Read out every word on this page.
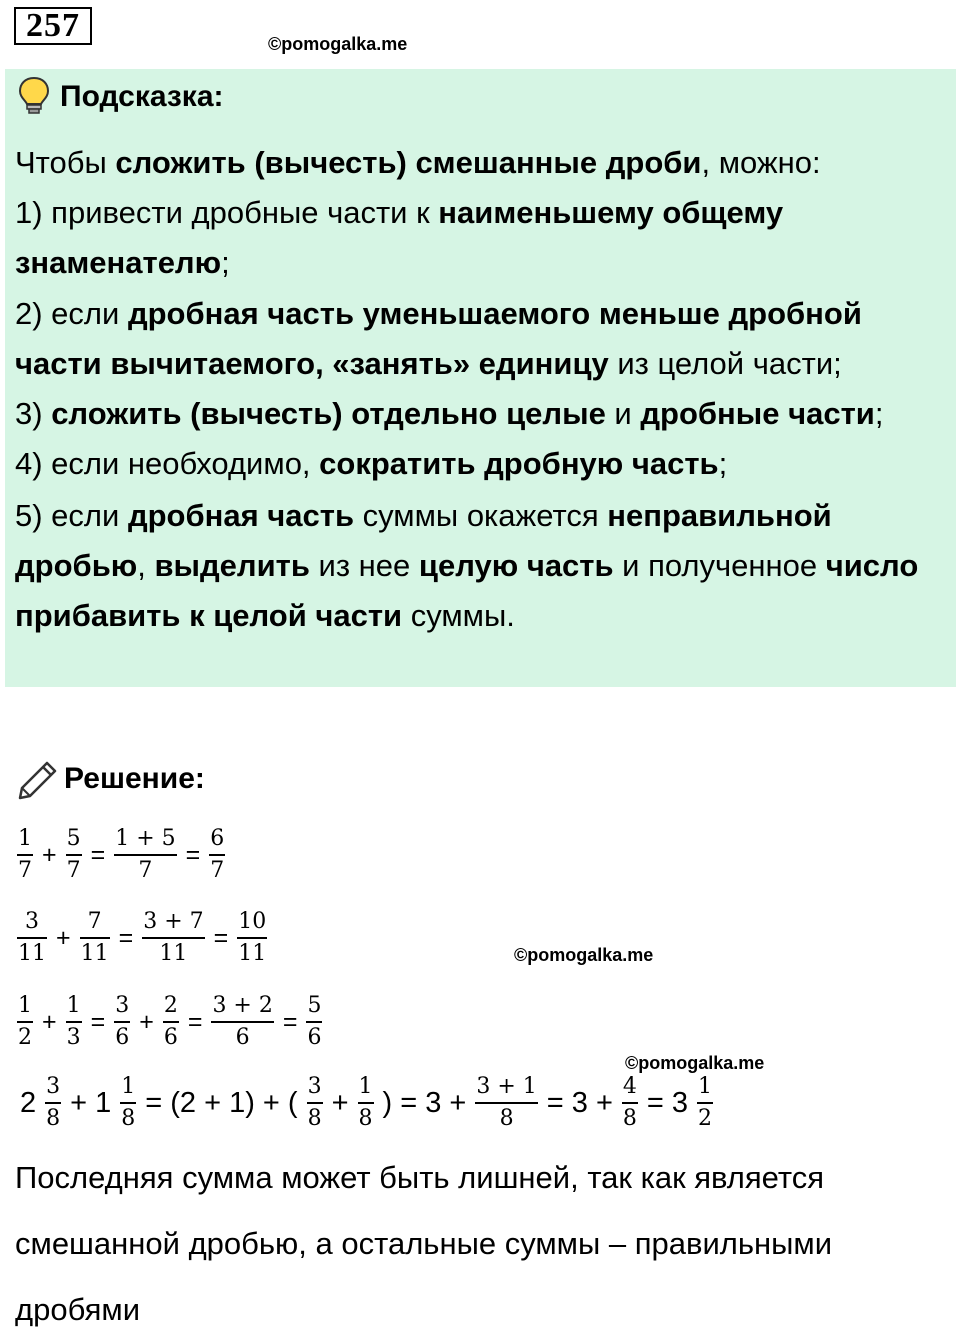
257	©pomogalka.me
Подсказка:
Чтобы сложить (вычесть) смешанные дроби, можно:
1) привести дробные части к наименьшему общему
знаменателю;
2) если дробная часть уменьшаемого меньше дробной
части вычитаемого, «занять» единицу из целой части;
3) сложить (вычесть) отдельно целые и дробные части;
4) если необходимо, сократить дробную часть;
5) если дробная часть суммы окажется неправильной
дробью, выделить из нее целую часть и полученное число
прибавить к целой части суммы.
Решение:
$\frac{1}{7} + \frac{5}{7} = \frac{1 + 5}{7} = \frac{6}{7}$
$\frac{3}{11} + \frac{7}{11} = \frac{3 + 7}{11} = \frac{10}{11}$
$\frac{1}{2} + \frac{1}{3} = \frac{3}{6} + \frac{2}{6} = \frac{3 + 2}{6} = \frac{5}{6}$
$2 \frac{3}{8} + 1 \frac{1}{8} = (2 + 1)$ + ( $\frac{3}{8} + \frac{1}{8}$ ) = $3 + \frac{3 + 1}{8} = 3 + \frac{4}{8} = 3 \frac{1}{2}$
©pomogalka.me
©pomogalka.me
Последняя сумма может быть лишней, так как является
смешанной дробью, а остальные суммы – правильными
дробями
